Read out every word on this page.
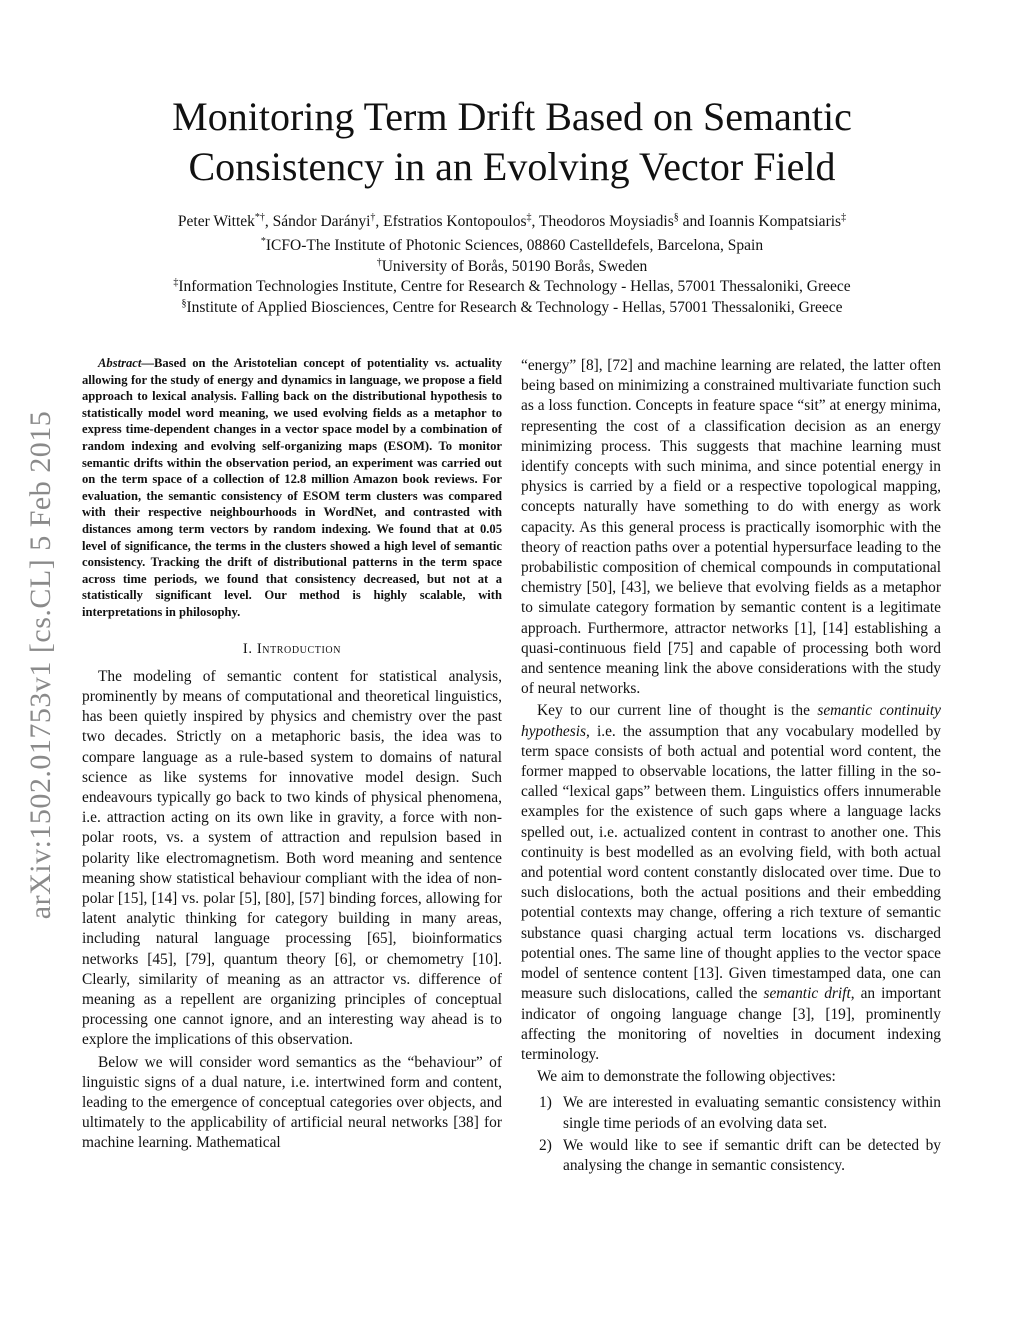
arXiv:1502.01753v1 [cs.CL] 5 Feb 2015
Monitoring Term Drift Based on Semantic
Consistency in an Evolving Vector Field
Peter Wittek*†, Sándor Darányi†, Efstratios Kontopoulos‡, Theodoros Moysiadis§ and Ioannis Kompatsiaris‡
*ICFO-The Institute of Photonic Sciences, 08860 Castelldefels, Barcelona, Spain
†University of Borås, 50190 Borås, Sweden
‡Information Technologies Institute, Centre for Research & Technology - Hellas, 57001 Thessaloniki, Greece
§Institute of Applied Biosciences, Centre for Research & Technology - Hellas, 57001 Thessaloniki, Greece

Abstract—Based on the Aristotelian concept of potentiality vs. actuality allowing for the study of energy and dynamics in language, we propose a field approach to lexical analysis. Falling back on the distributional hypothesis to statistically model word meaning, we used evolving fields as a metaphor to express time-dependent changes in a vector space model by a combination of random indexing and evolving self-organizing maps (ESOM). To monitor semantic drifts within the observation period, an experiment was carried out on the term space of a collection of 12.8 million Amazon book reviews. For evaluation, the semantic consistency of ESOM term clusters was compared with their respective neighbourhoods in WordNet, and contrasted with distances among term vectors by random indexing. We found that at 0.05 level of significance, the terms in the clusters showed a high level of semantic consistency. Tracking the drift of distributional patterns in the term space across time periods, we found that consistency decreased, but not at a statistically significant level. Our method is highly scalable, with interpretations in philosophy.

I. Introduction

The modeling of semantic content for statistical analysis, prominently by means of computational and theoretical linguistics, has been quietly inspired by physics and chemistry over the past two decades. Strictly on a metaphoric basis, the idea was to compare language as a rule-based system to domains of natural science as like systems for innovative model design. Such endeavours typically go back to two kinds of physical phenomena, i.e. attraction acting on its own like in gravity, a force with non-polar roots, vs. a system of attraction and repulsion based in polarity like electromagnetism. Both word meaning and sentence meaning show statistical behaviour compliant with the idea of non-polar [15], [14] vs. polar [5], [80], [57] binding forces, allowing for latent analytic thinking for category building in many areas, including natural language processing [65], bioinformatics networks [45], [79], quantum theory [6], or chemometry [10]. Clearly, similarity of meaning as an attractor vs. difference of meaning as a repellent are organizing principles of conceptual processing one cannot ignore, and an interesting way ahead is to explore the implications of this observation.

Below we will consider word semantics as the “behaviour” of linguistic signs of a dual nature, i.e. intertwined form and content, leading to the emergence of conceptual categories over objects, and ultimately to the applicability of artificial neural networks [38] for machine learning. Mathematical

“energy” [8], [72] and machine learning are related, the latter often being based on minimizing a constrained multivariate function such as a loss function. Concepts in feature space “sit” at energy minima, representing the cost of a classification decision as an energy minimizing process. This suggests that machine learning must identify concepts with such minima, and since potential energy in physics is carried by a field or a respective topological mapping, concepts naturally have something to do with energy as work capacity. As this general process is practically isomorphic with the theory of reaction paths over a potential hypersurface leading to the probabilistic composition of chemical compounds in computational chemistry [50], [43], we believe that evolving fields as a metaphor to simulate category formation by semantic content is a legitimate approach. Furthermore, attractor networks [1], [14] establishing a quasi-continuous field [75] and capable of processing both word and sentence meaning link the above considerations with the study of neural networks.

Key to our current line of thought is the semantic continuity hypothesis, i.e. the assumption that any vocabulary modelled by term space consists of both actual and potential word content, the former mapped to observable locations, the latter filling in the so-called “lexical gaps” between them. Linguistics offers innumerable examples for the existence of such gaps where a language lacks spelled out, i.e. actualized content in contrast to another one. This continuity is best modelled as an evolving field, with both actual and potential word content constantly dislocated over time. Due to such dislocations, both the actual positions and their embedding potential contexts may change, offering a rich texture of semantic substance quasi charging actual term locations vs. discharged potential ones. The same line of thought applies to the vector space model of sentence content [13]. Given timestamped data, one can measure such dislocations, called the semantic drift, an important indicator of ongoing language change [3], [19], prominently affecting the monitoring of novelties in document indexing terminology.

We aim to demonstrate the following objectives:

1) We are interested in evaluating semantic consistency within single time periods of an evolving data set.
2) We would like to see if semantic drift can be detected by analysing the change in semantic consistency.
